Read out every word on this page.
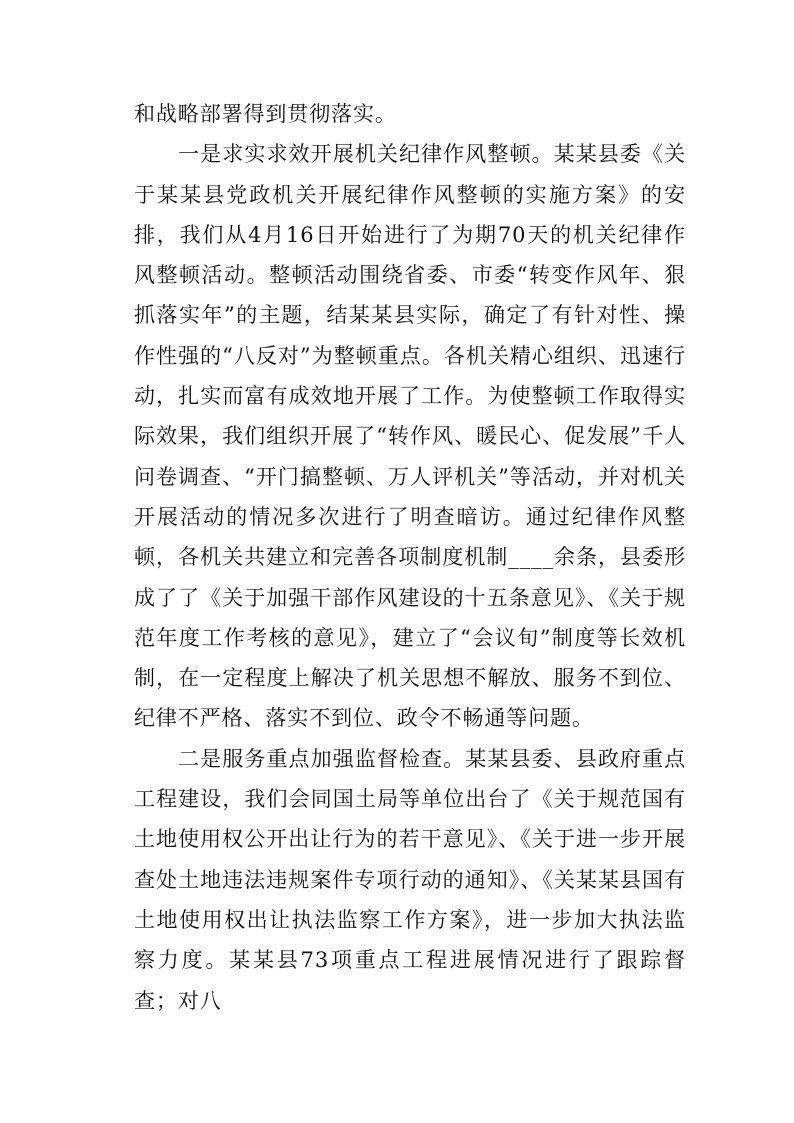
和战略部署得到贯彻落实。

一是求实求效开展机关纪律作风整顿。某某县委《关于某某县党政机关开展纪律作风整顿的实施方案》的安排，我们从4月16日开始进行了为期70天的机关纪律作风整顿活动。整顿活动围绕省委、市委“转变作风年、狠抓落实年”的主题，结某某县实际，确定了有针对性、操作性强的“八反对”为整顿重点。各机关精心组织、迅速行动，扎实而富有成效地开展了工作。为使整顿工作取得实际效果，我们组织开展了“转作风、暖民心、促发展”千人问卷调查、“开门搞整顿、万人评机关”等活动，并对机关开展活动的情况多次进行了明查暗访。通过纪律作风整顿，各机关共建立和完善各项制度机制____余条，县委形成了了《关于加强干部作风建设的十五条意见》、《关于规范年度工作考核的意见》，建立了“会议旬”制度等长效机制，在一定程度上解决了机关思想不解放、服务不到位、纪律不严格、落实不到位、政令不畅通等问题。

二是服务重点加强监督检查。某某县委、县政府重点工程建设，我们会同国土局等单位出台了《关于规范国有土地使用权公开出让行为的若干意见》、《关于进一步开展查处土地违法违规案件专项行动的通知》、《关某某县国有土地使用权出让执法监察工作方案》，进一步加大执法监察力度。某某县73项重点工程进展情况进行了跟踪督查；对八
